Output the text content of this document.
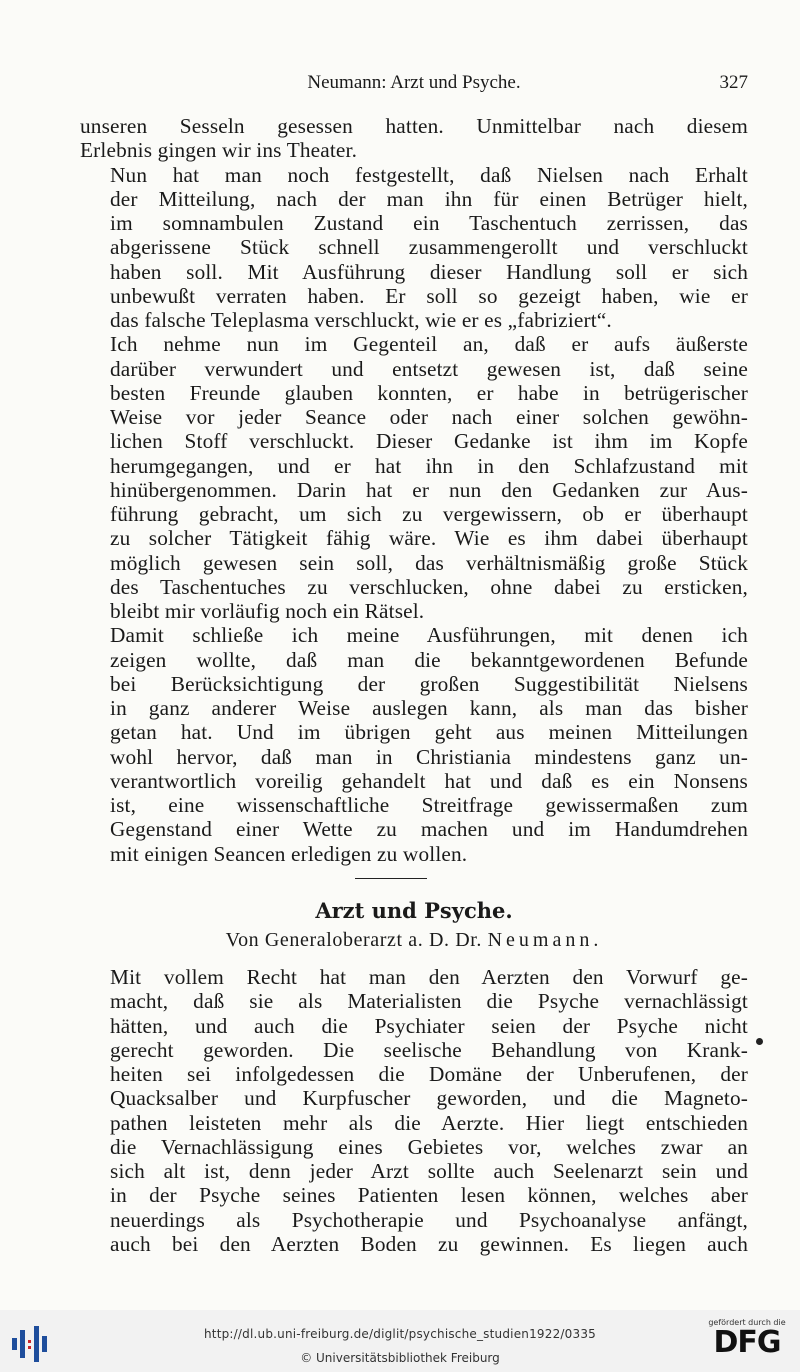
Neumann: Arzt und Psyche.	327

unseren Sesseln gesessen hatten. Unmittelbar nach diesem
Erlebnis gingen wir ins Theater.

Nun hat man noch festgestellt, daß Nielsen nach Erhalt
der Mitteilung, nach der man ihn für einen Betrüger hielt,
im somnambulen Zustand ein Taschentuch zerrissen, das
abgerissene Stück schnell zusammengerollt und verschluckt
haben soll. Mit Ausführung dieser Handlung soll er sich
unbewußt verraten haben. Er soll so gezeigt haben, wie er
das falsche Teleplasma verschluckt, wie er es „fabriziert“.

Ich nehme nun im Gegenteil an, daß er aufs äußerste
darüber verwundert und entsetzt gewesen ist, daß seine
besten Freunde glauben konnten, er habe in betrügerischer
Weise vor jeder Seance oder nach einer solchen gewöhn-
lichen Stoff verschluckt. Dieser Gedanke ist ihm im Kopfe
herumgegangen, und er hat ihn in den Schlafzustand mit
hinübergenommen. Darin hat er nun den Gedanken zur Aus-
führung gebracht, um sich zu vergewissern, ob er überhaupt
zu solcher Tätigkeit fähig wäre. Wie es ihm dabei überhaupt
möglich gewesen sein soll, das verhältnismäßig große Stück
des Taschentuches zu verschlucken, ohne dabei zu ersticken,
bleibt mir vorläufig noch ein Rätsel.

Damit schließe ich meine Ausführungen, mit denen ich
zeigen wollte, daß man die bekanntgewordenen Befunde
bei Berücksichtigung der großen Suggestibilität Nielsens
in ganz anderer Weise auslegen kann, als man das bisher
getan hat. Und im übrigen geht aus meinen Mitteilungen
wohl hervor, daß man in Christiania mindestens ganz un-
verantwortlich voreilig gehandelt hat und daß es ein Nonsens
ist, eine wissenschaftliche Streitfrage gewissermaßen zum
Gegenstand einer Wette zu machen und im Handumdrehen
mit einigen Seancen erledigen zu wollen.

Arzt und Psyche.
Von Generaloberarzt a. D. Dr. Neumann.

Mit vollem Recht hat man den Aerzten den Vorwurf ge-
macht, daß sie als Materialisten die Psyche vernachlässigt
hätten, und auch die Psychiater seien der Psyche nicht
gerecht geworden. Die seelische Behandlung von Krank-
heiten sei infolgedessen die Domäne der Unberufenen, der
Quacksalber und Kurpfuscher geworden, und die Magneto-
pathen leisteten mehr als die Aerzte. Hier liegt entschieden
die Vernachlässigung eines Gebietes vor, welches zwar an
sich alt ist, denn jeder Arzt sollte auch Seelenarzt sein und
in der Psyche seines Patienten lesen können, welches aber
neuerdings als Psychotherapie und Psychoanalyse anfängt,
auch bei den Aerzten Boden zu gewinnen. Es liegen auch

http://dl.ub.uni-freiburg.de/diglit/psychische_studien1922/0335
© Universitätsbibliothek Freiburg
gefördert durch die
DFG
